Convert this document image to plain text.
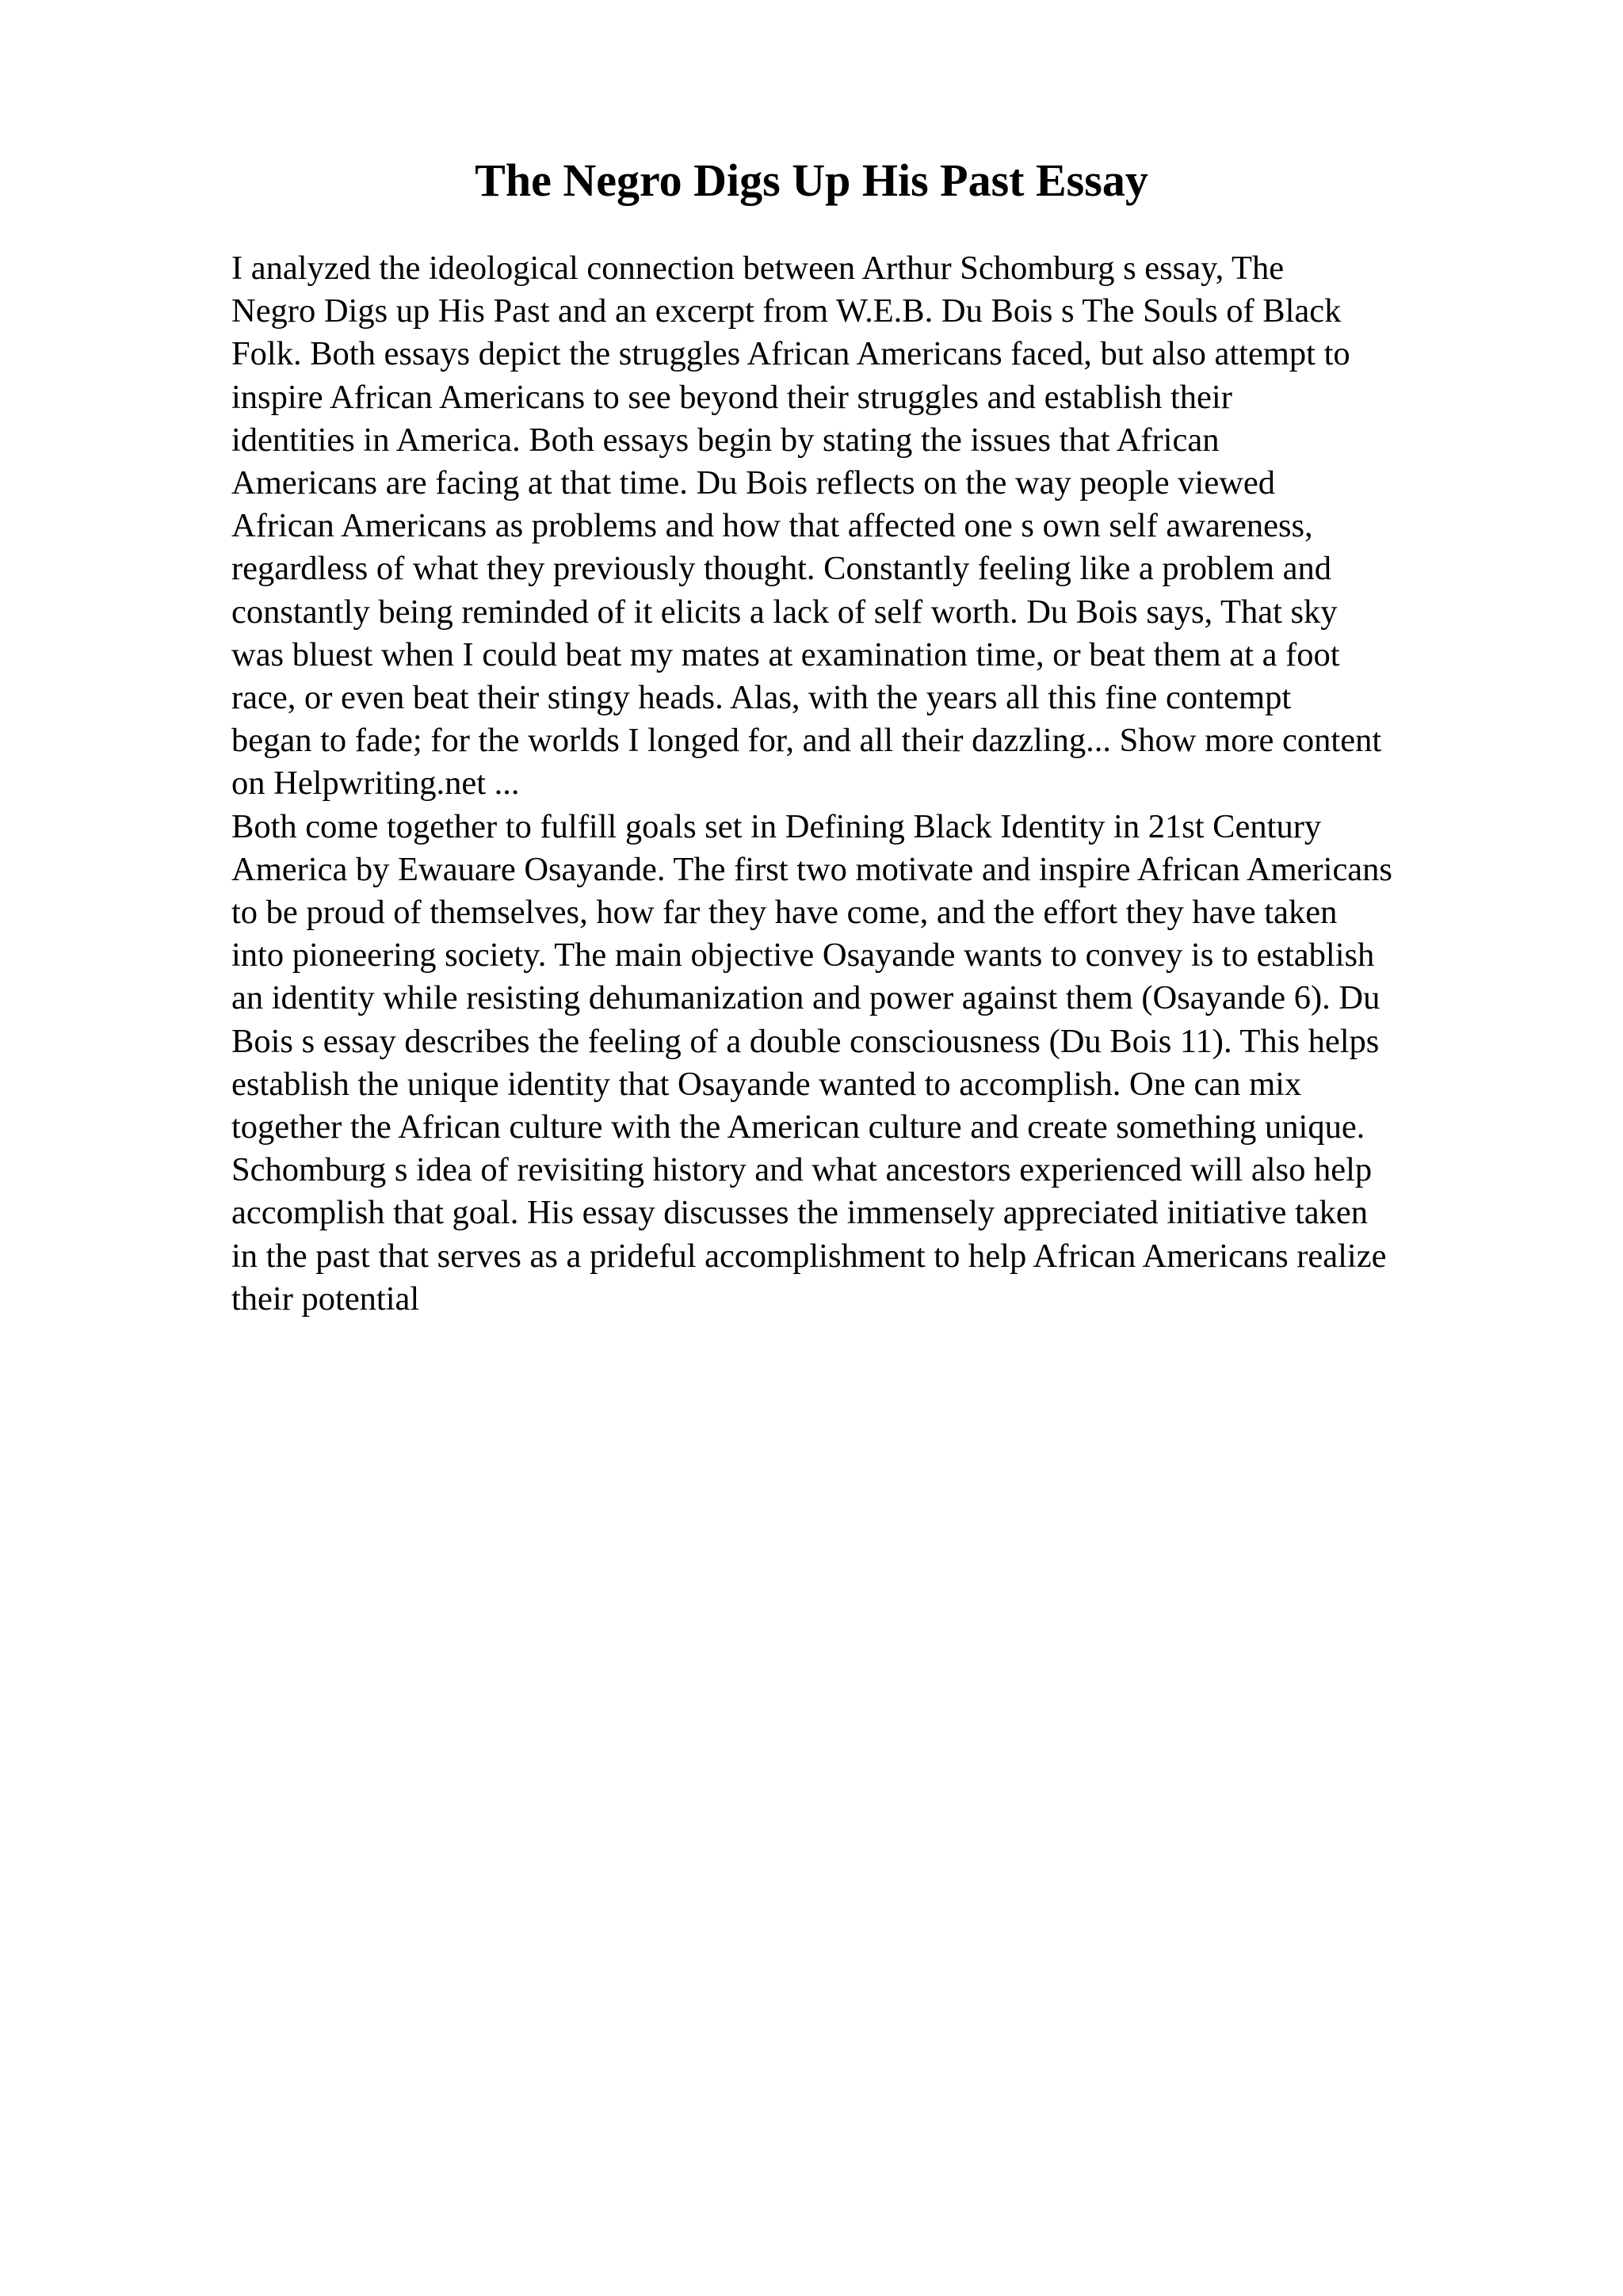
The Negro Digs Up His Past Essay
I analyzed the ideological connection between Arthur Schomburg s essay, The
Negro Digs up His Past and an excerpt from W.E.B. Du Bois s The Souls of Black
Folk. Both essays depict the struggles African Americans faced, but also attempt to
inspire African Americans to see beyond their struggles and establish their
identities in America. Both essays begin by stating the issues that African
Americans are facing at that time. Du Bois reflects on the way people viewed
African Americans as problems and how that affected one s own self awareness,
regardless of what they previously thought. Constantly feeling like a problem and
constantly being reminded of it elicits a lack of self worth. Du Bois says, That sky
was bluest when I could beat my mates at examination time, or beat them at a foot
race, or even beat their stingy heads. Alas, with the years all this fine contempt
began to fade; for the worlds I longed for, and all their dazzling... Show more content
on Helpwriting.net ...
Both come together to fulfill goals set in Defining Black Identity in 21st Century
America by Ewauare Osayande. The first two motivate and inspire African Americans
to be proud of themselves, how far they have come, and the effort they have taken
into pioneering society. The main objective Osayande wants to convey is to establish
an identity while resisting dehumanization and power against them (Osayande 6). Du
Bois s essay describes the feeling of a double consciousness (Du Bois 11). This helps
establish the unique identity that Osayande wanted to accomplish. One can mix
together the African culture with the American culture and create something unique.
Schomburg s idea of revisiting history and what ancestors experienced will also help
accomplish that goal. His essay discusses the immensely appreciated initiative taken
in the past that serves as a prideful accomplishment to help African Americans realize
their potential
